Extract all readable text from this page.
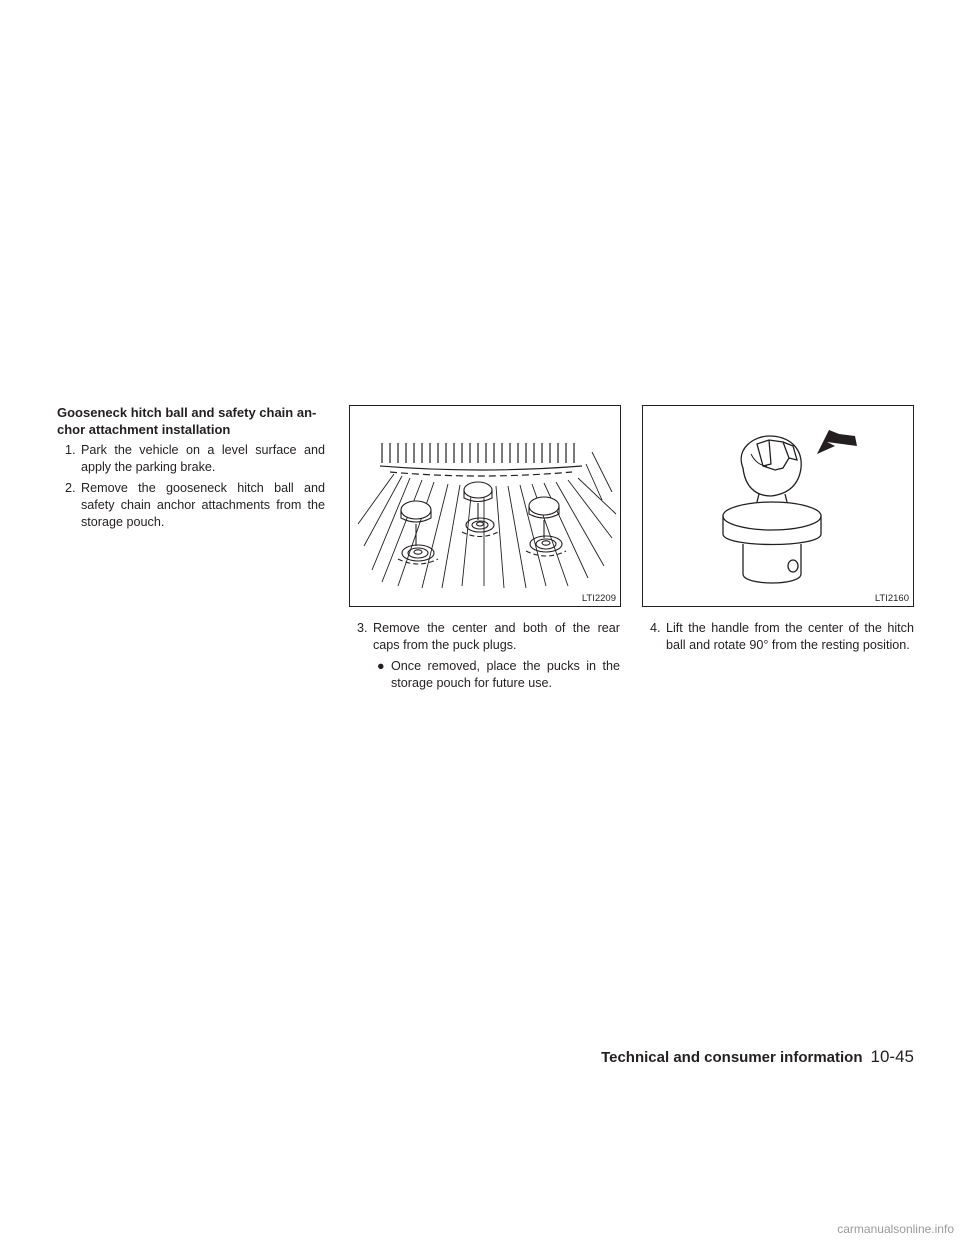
Gooseneck hitch ball and safety chain an-
chor attachment installation
1. Park the vehicle on a level surface and apply the parking brake.
2. Remove the gooseneck hitch ball and safety chain anchor attachments from the storage pouch.
LTI2209	LTI2160
3. Remove the center and both of the rear caps from the puck plugs.
● Once removed, place the pucks in the storage pouch for future use.
4. Lift the handle from the center of the hitch ball and rotate 90° from the resting position.
Technical and consumer information 10-45
carmanualsonline.info
